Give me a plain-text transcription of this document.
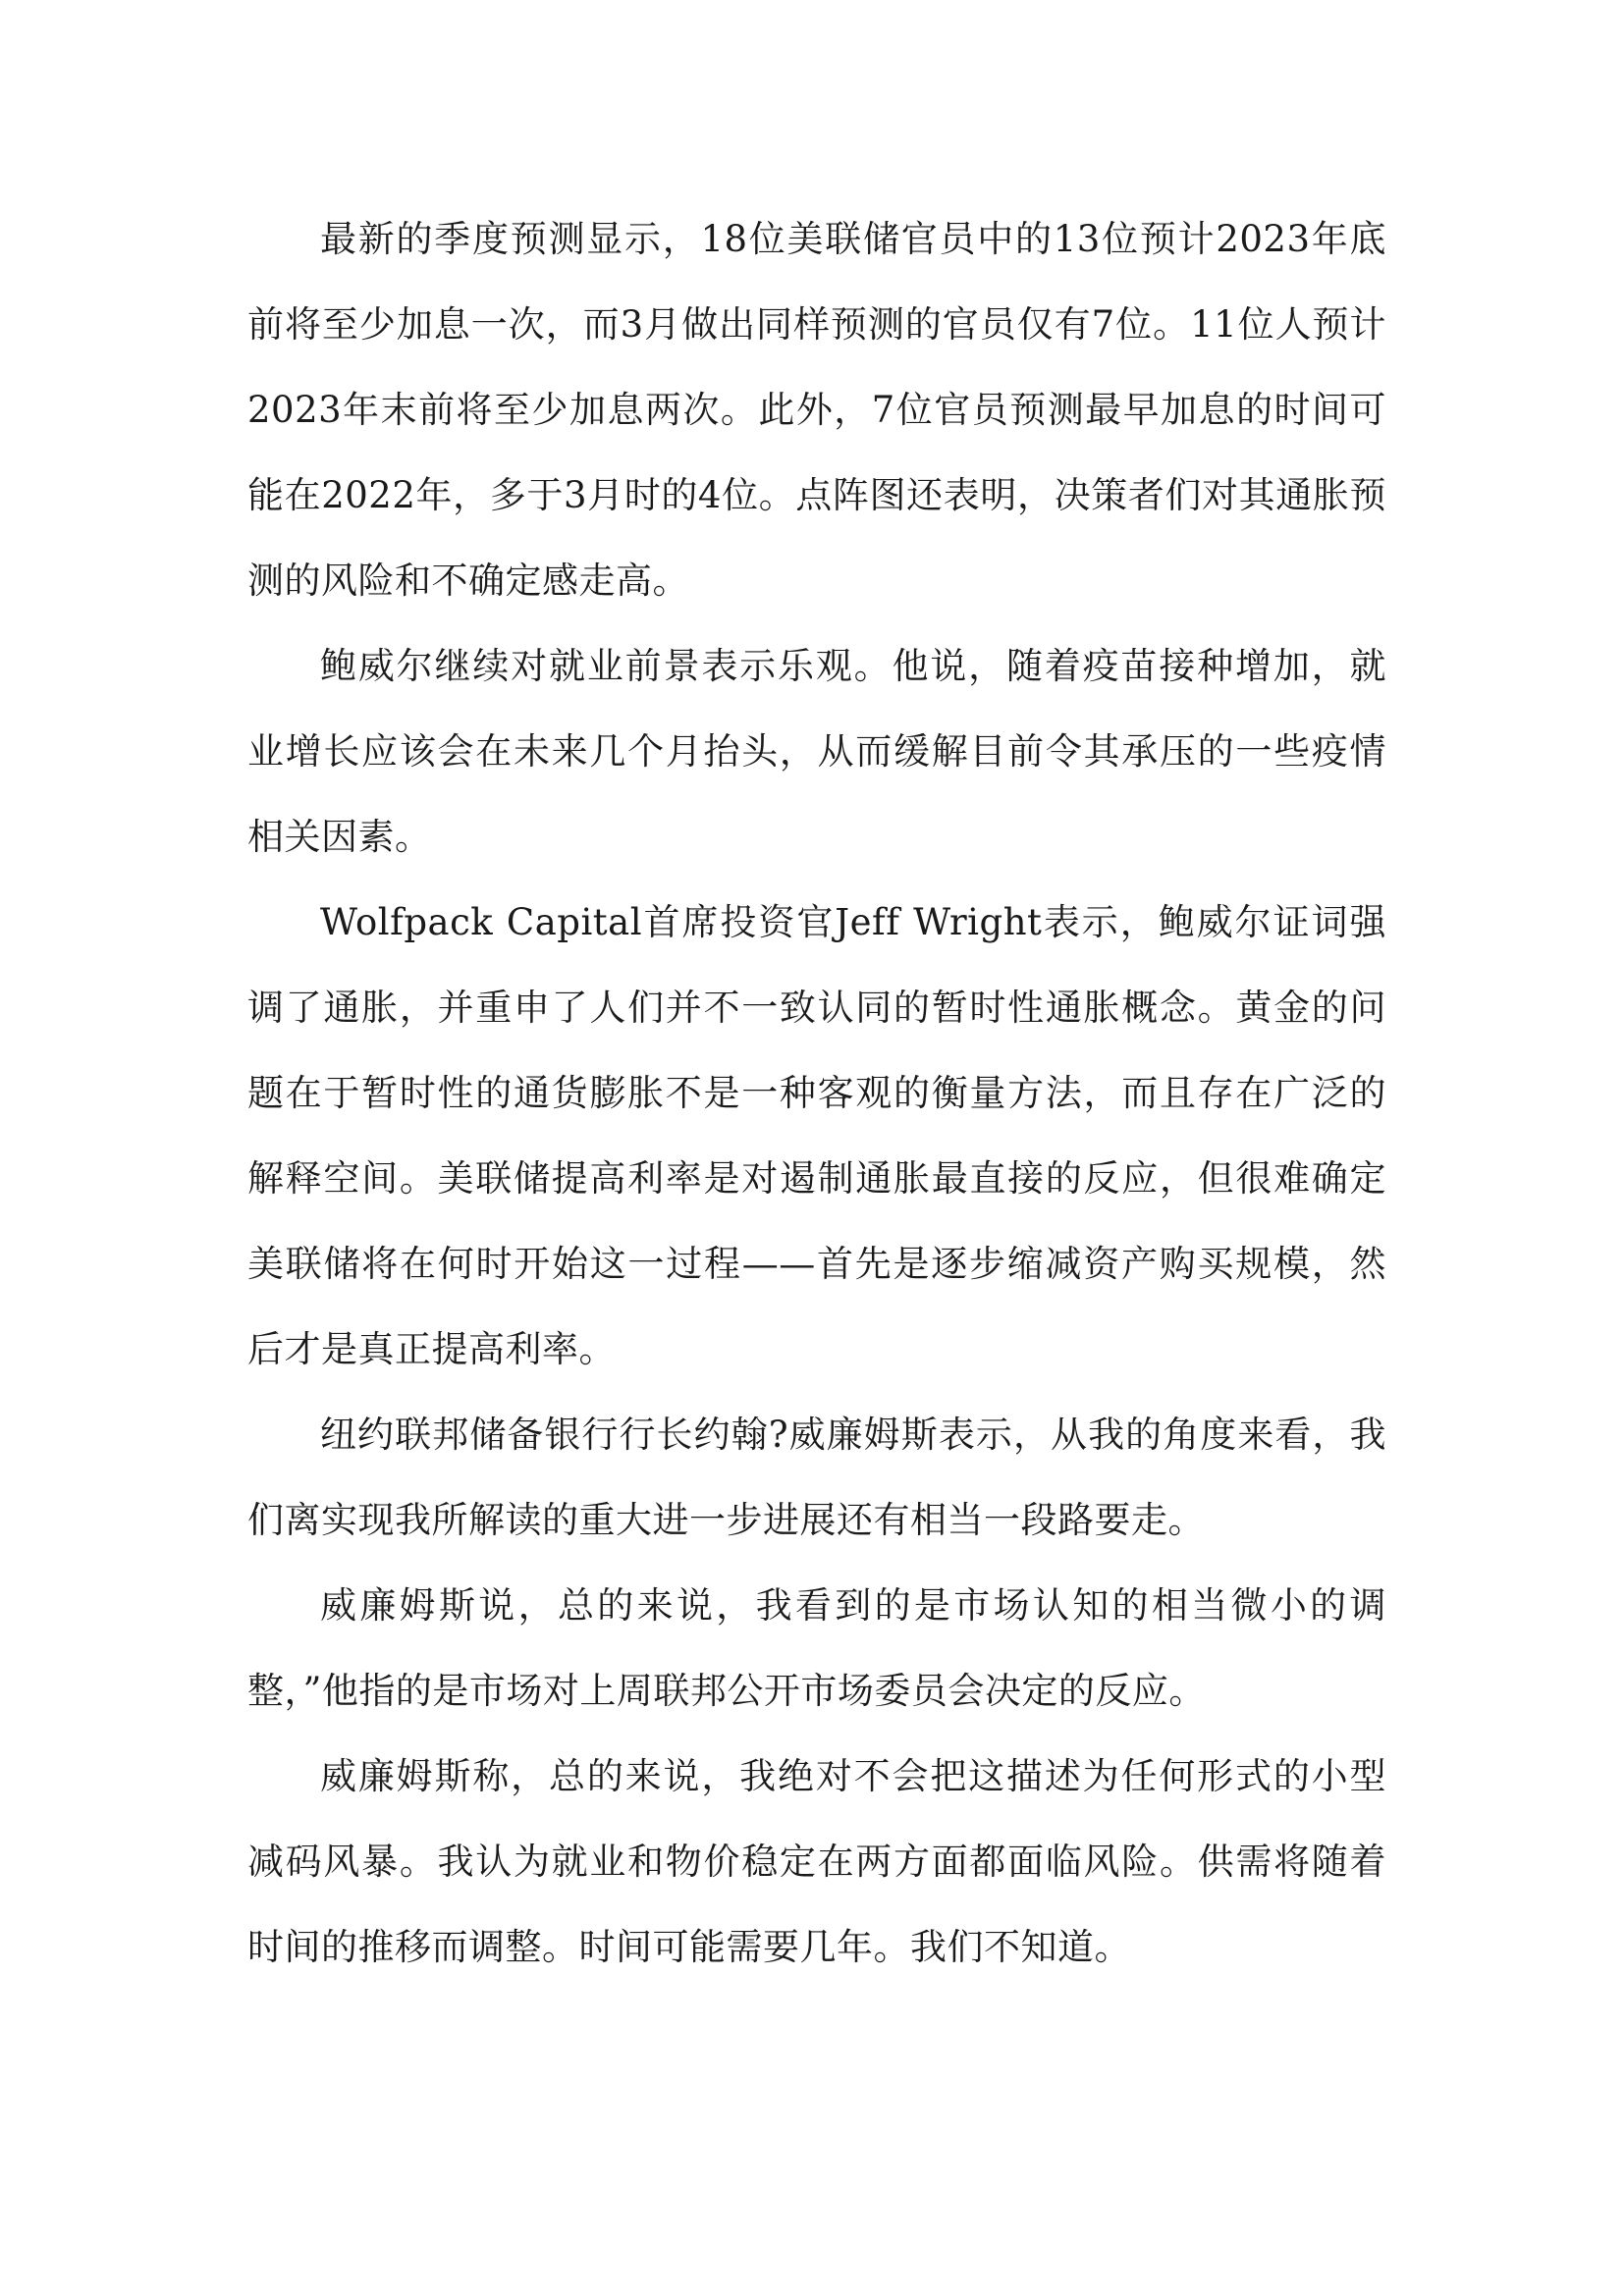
最新的季度预测显示，18位美联储官员中的13位预计2023年底前将至少加息一次，而3月做出同样预测的官员仅有7位。11位人预计2023年末前将至少加息两次。此外，7位官员预测最早加息的时间可能在2022年，多于3月时的4位。点阵图还表明，决策者们对其通胀预测的风险和不确定感走高。

鲍威尔继续对就业前景表示乐观。他说，随着疫苗接种增加，就业增长应该会在未来几个月抬头，从而缓解目前令其承压的一些疫情相关因素。

Wolfpack Capital首席投资官Jeff Wright表示，鲍威尔证词强调了通胀，并重申了人们并不一致认同的暂时性通胀概念。黄金的问题在于暂时性的通货膨胀不是一种客观的衡量方法，而且存在广泛的解释空间。美联储提高利率是对遏制通胀最直接的反应，但很难确定美联储将在何时开始这一过程——首先是逐步缩减资产购买规模，然后才是真正提高利率。

纽约联邦储备银行行长约翰?威廉姆斯表示，从我的角度来看，我们离实现我所解读的重大进一步进展还有相当一段路要走。

威廉姆斯说，总的来说，我看到的是市场认知的相当微小的调整，”他指的是市场对上周联邦公开市场委员会决定的反应。

威廉姆斯称，总的来说，我绝对不会把这描述为任何形式的小型减码风暴。我认为就业和物价稳定在两方面都面临风险。供需将随着时间的推移而调整。时间可能需要几年。我们不知道。
